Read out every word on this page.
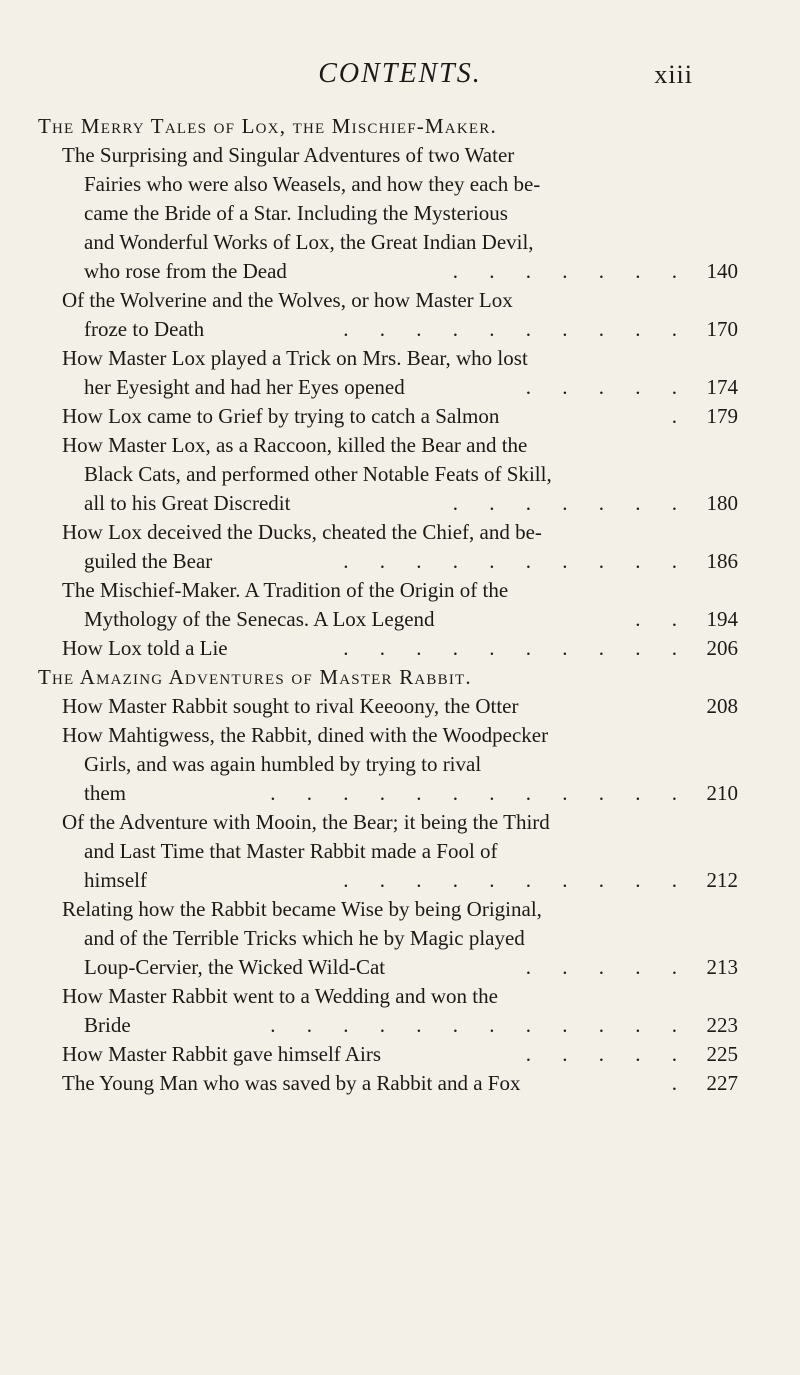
CONTENTS.	xiii
The Merry Tales of Lox, the Mischief-Maker.
The Surprising and Singular Adventures of two Water
Fairies who were also Weasels, and how they each be-
came the Bride of a Star. Including the Mysterious
and Wonderful Works of Lox, the Great Indian Devil,
who rose from the Dead	. . . . . . . 140
Of the Wolverine and the Wolves, or how Master Lox
froze to Death	. . . . . . . . . . 170
How Master Lox played a Trick on Mrs. Bear, who lost
her Eyesight and had her Eyes opened	. . . . . 174
How Lox came to Grief by trying to catch a Salmon	. 179
How Master Lox, as a Raccoon, killed the Bear and the
Black Cats, and performed other Notable Feats of Skill,
all to his Great Discredit	. . . . . . . 180
How Lox deceived the Ducks, cheated the Chief, and be-
guiled the Bear	. . . . . . . . . . 186
The Mischief-Maker. A Tradition of the Origin of the
Mythology of the Senecas. A Lox Legend	. . 194
How Lox told a Lie	. . . . . . . . . . 206
The Amazing Adventures of Master Rabbit.
How Master Rabbit sought to rival Keeoony, the Otter	208
How Mahtigwess, the Rabbit, dined with the Woodpecker
Girls, and was again humbled by trying to rival
them	. . . . . . . . . . . . 210
Of the Adventure with Mooin, the Bear; it being the Third
and Last Time that Master Rabbit made a Fool of
himself	. . . . . . . . . . 212
Relating how the Rabbit became Wise by being Original,
and of the Terrible Tricks which he by Magic played
Loup-Cervier, the Wicked Wild-Cat	. . . . . 213
How Master Rabbit went to a Wedding and won the
Bride	. . . . . . . . . . . . 223
How Master Rabbit gave himself Airs	. . . . . 225
The Young Man who was saved by a Rabbit and a Fox	. 227
